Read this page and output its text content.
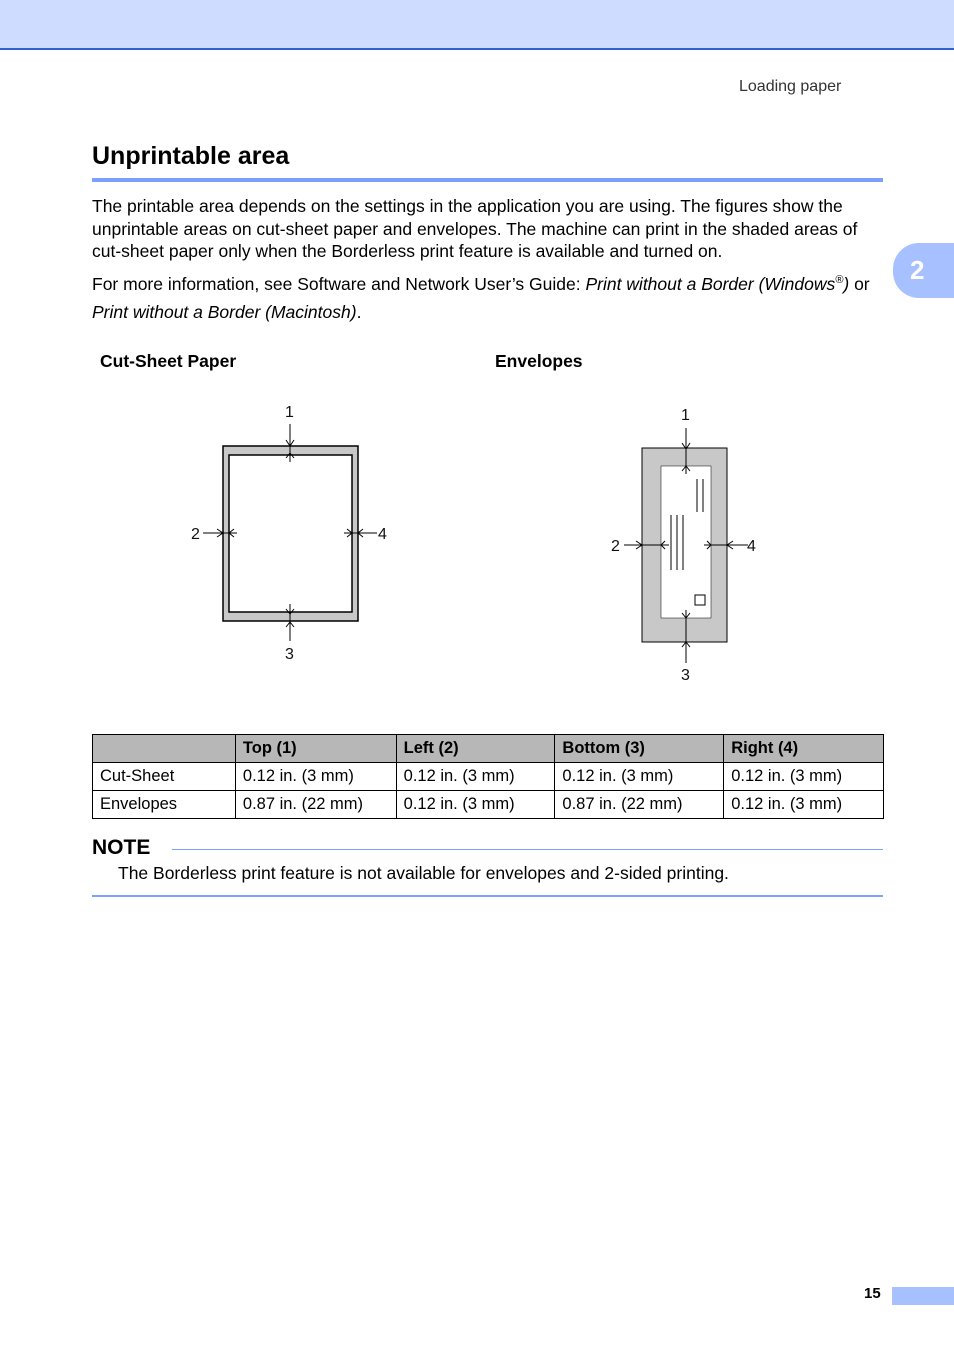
Loading paper
2
Unprintable area

The printable area depends on the settings in the application you are using. The figures show the unprintable areas on cut-sheet paper and envelopes. The machine can print in the shaded areas of cut-sheet paper only when the Borderless print feature is available and turned on.

For more information, see Software and Network User’s Guide: Print without a Border (Windows®) or Print without a Border (Macintosh).

Cut-Sheet Paper	Envelopes
1
2
3
4
1
2
3
4
	Top (1)	Left (2)	Bottom (3)	Right (4)
Cut-Sheet	0.12 in. (3 mm)	0.12 in. (3 mm)	0.12 in. (3 mm)	0.12 in. (3 mm)
Envelopes	0.87 in. (22 mm)	0.12 in. (3 mm)	0.87 in. (22 mm)	0.12 in. (3 mm)
NOTE
The Borderless print feature is not available for envelopes and 2-sided printing.
15
